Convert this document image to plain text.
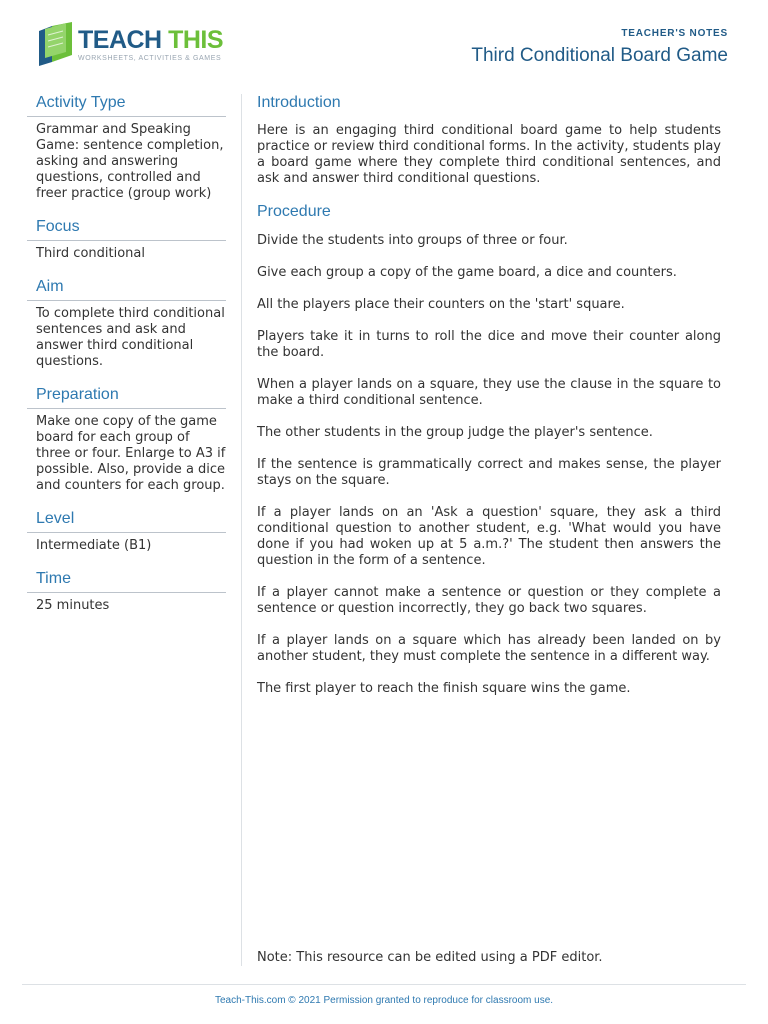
TEACH THIS
WORKSHEETS, ACTIVITIES & GAMES
TEACHER'S NOTES
Third Conditional Board Game
Activity Type
Grammar and Speaking Game: sentence completion, asking and answering questions, controlled and freer practice (group work)
Focus
Third conditional
Aim
To complete third conditional sentences and ask and answer third conditional questions.
Preparation
Make one copy of the game board for each group of three or four. Enlarge to A3 if possible. Also, provide a dice and counters for each group.
Level
Intermediate (B1)
Time
25 minutes
Introduction

Here is an engaging third conditional board game to help students practice or review third conditional forms. In the activity, students play a board game where they complete third conditional sentences, and ask and answer third conditional questions.

Procedure

Divide the students into groups of three or four.

Give each group a copy of the game board, a dice and counters.

All the players place their counters on the 'start' square.

Players take it in turns to roll the dice and move their counter along the board.

When a player lands on a square, they use the clause in the square to make a third conditional sentence.

The other students in the group judge the player's sentence.

If the sentence is grammatically correct and makes sense, the player stays on the square.

If a player lands on an 'Ask a question' square, they ask a third conditional question to another student, e.g. 'What would you have done if you had woken up at 5 a.m.?' The student then answers the question in the form of a sentence.

If a player cannot make a sentence or question or they complete a sentence or question incorrectly, they go back two squares.

If a player lands on a square which has already been landed on by another student, they must complete the sentence in a different way.

The first player to reach the finish square wins the game.

Note: This resource can be edited using a PDF editor.
Teach-This.com © 2021 Permission granted to reproduce for classroom use.
